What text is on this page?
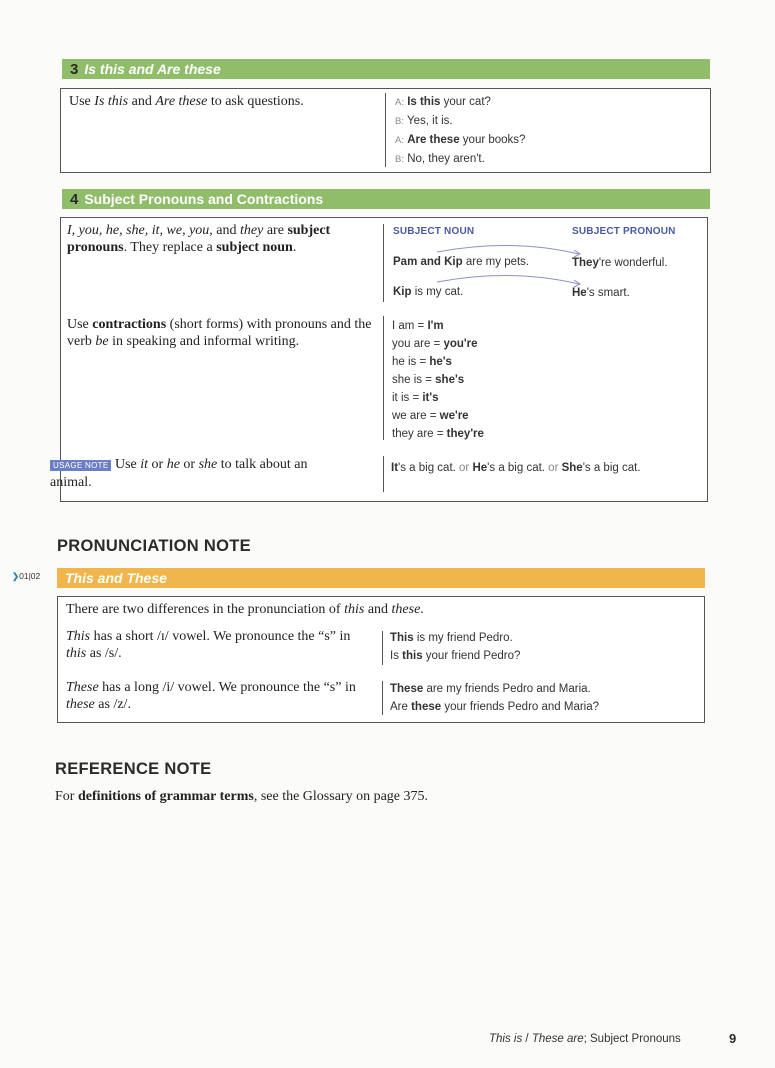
3 Is this and Are these
Use Is this and Are these to ask questions.	A: Is this your cat?
B: Yes, it is.
A: Are these your books?
B: No, they aren't.
4 Subject Pronouns and Contractions
I, you, he, she, it, we, you, and they are subject pronouns. They replace a subject noun.
SUBJECT NOUN	SUBJECT PRONOUN
Pam and Kip are my pets.	They're wonderful.
Kip is my cat.	He's smart.
Use contractions (short forms) with pronouns and the verb be in speaking and informal writing.
I am = I'm
you are = you're
he is = he's
she is = she's
it is = it's
we are = we're
they are = they're
It's a big cat. or He's a big cat. or She's a big cat.
USAGE NOTE Use it or he or she to talk about an animal.
PRONUNCIATION NOTE
❯01|02 This and These
There are two differences in the pronunciation of this and these.
This has a short /ɪ/ vowel. We pronounce the “s” in this as /s/.
This is my friend Pedro.
Is this your friend Pedro?
These has a long /i/ vowel. We pronounce the “s” in these as /z/.
These are my friends Pedro and Maria.
Are these your friends Pedro and Maria?
REFERENCE NOTE
For definitions of grammar terms, see the Glossary on page 375.
This is / These are; Subject Pronouns	9
